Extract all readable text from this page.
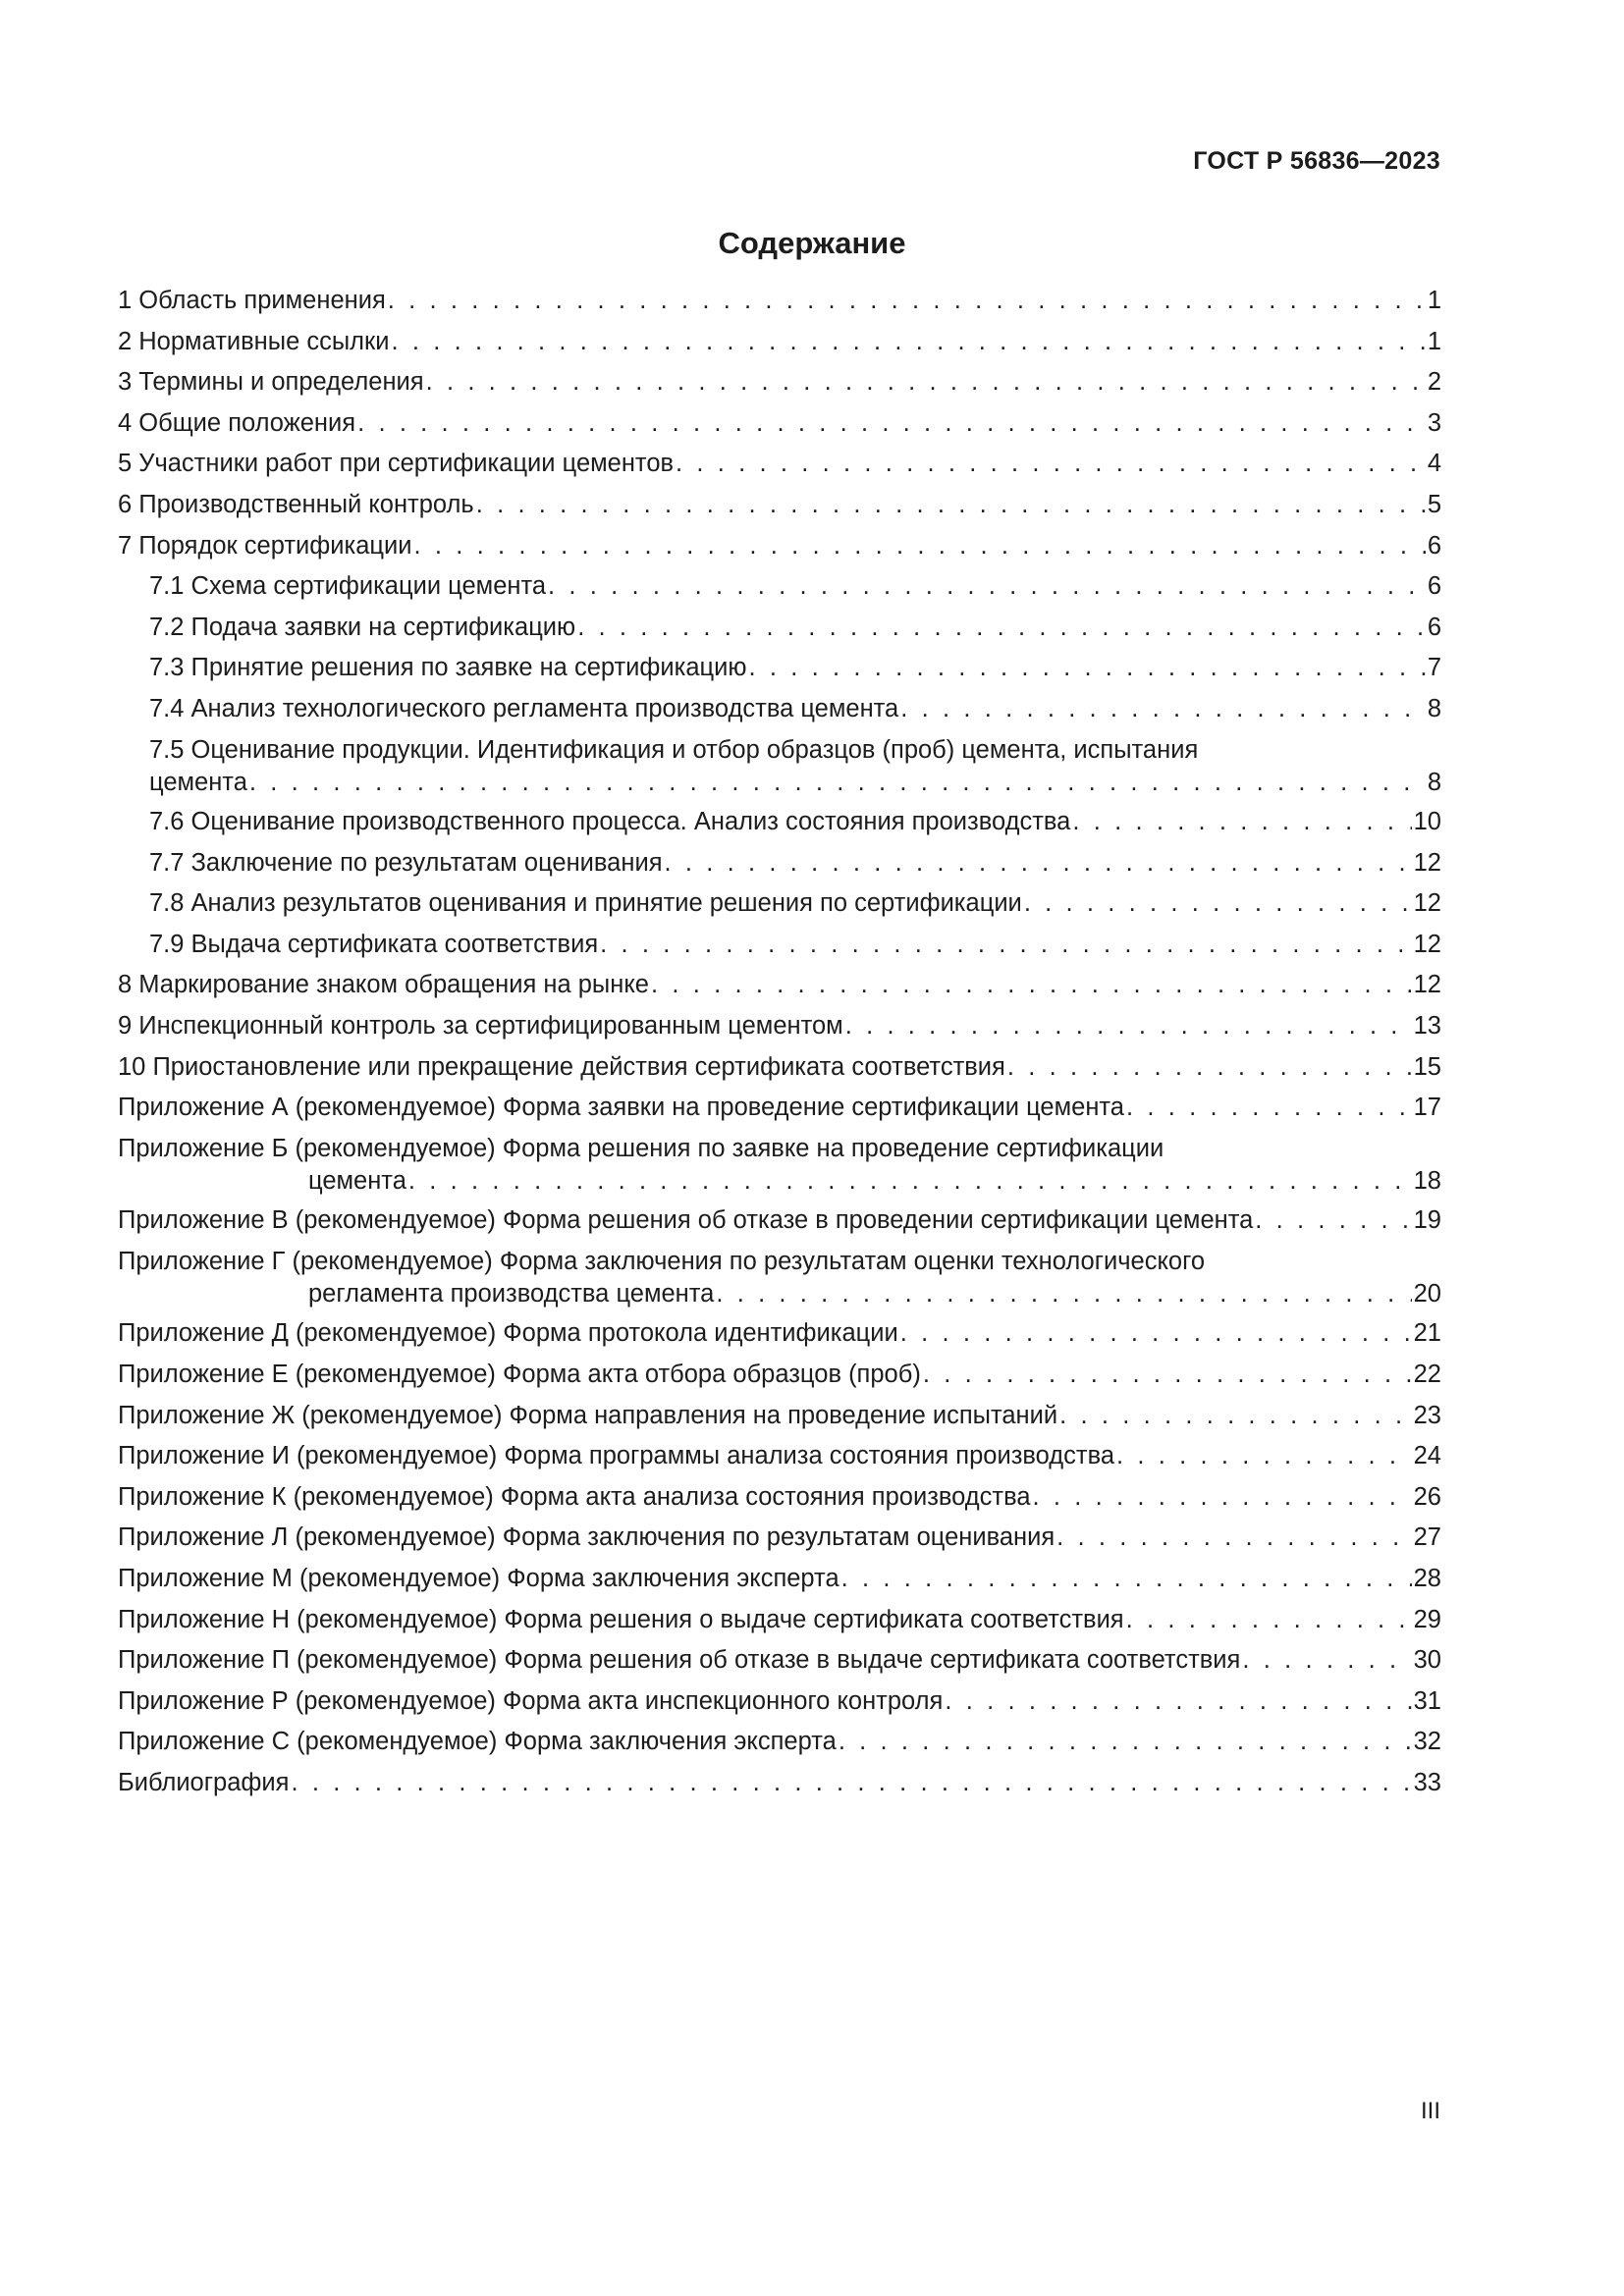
ГОСТ Р 56836—2023
Содержание
1 Область применения . . .	1
2 Нормативные ссылки . . .	1
3 Термины и определения . . .	2
4 Общие положения . . .	3
5 Участники работ при сертификации цементов . . .	4
6 Производственный контроль . . .	5
7 Порядок сертификации . . .	6
7.1 Схема сертификации цемента . . .	6
7.2 Подача заявки на сертификацию . . .	6
7.3 Принятие решения по заявке на сертификацию . . .	7
7.4 Анализ технологического регламента производства цемента . . .	8
7.5 Оценивание продукции. Идентификация и отбор образцов (проб) цемента, испытания
цемента . . .	8
7.6 Оценивание производственного процесса. Анализ состояния производства . . .	10
7.7 Заключение по результатам оценивания . . .	12
7.8 Анализ результатов оценивания и принятие решения по сертификации . . .	12
7.9 Выдача сертификата соответствия . . .	12
8 Маркирование знаком обращения на рынке . . .	12
9 Инспекционный контроль за сертифицированным цементом . . .	13
10 Приостановление или прекращение действия сертификата соответствия . . .	15
Приложение А (рекомендуемое) Форма заявки на проведение сертификации цемента . . .	17
Приложение Б (рекомендуемое) Форма решения по заявке на проведение сертификации
цемента . . .	18
Приложение В (рекомендуемое) Форма решения об отказе в проведении сертификации цемента . . .	19
Приложение Г (рекомендуемое) Форма заключения по результатам оценки технологического
регламента производства цемента . . .	20
Приложение Д (рекомендуемое) Форма протокола идентификации . . .	21
Приложение Е (рекомендуемое) Форма акта отбора образцов (проб) . . .	22
Приложение Ж (рекомендуемое) Форма направления на проведение испытаний . . .	23
Приложение И (рекомендуемое) Форма программы анализа состояния производства . . .	24
Приложение К (рекомендуемое) Форма акта анализа состояния производства . . .	26
Приложение Л (рекомендуемое) Форма заключения по результатам оценивания . . .	27
Приложение М (рекомендуемое) Форма заключения эксперта . . .	28
Приложение Н (рекомендуемое) Форма решения о выдаче сертификата соответствия . . .	29
Приложение П (рекомендуемое) Форма решения об отказе в выдаче сертификата соответствия . . .	30
Приложение Р (рекомендуемое) Форма акта инспекционного контроля . . .	31
Приложение С (рекомендуемое) Форма заключения эксперта . . .	32
Библиография . . .	33
III
